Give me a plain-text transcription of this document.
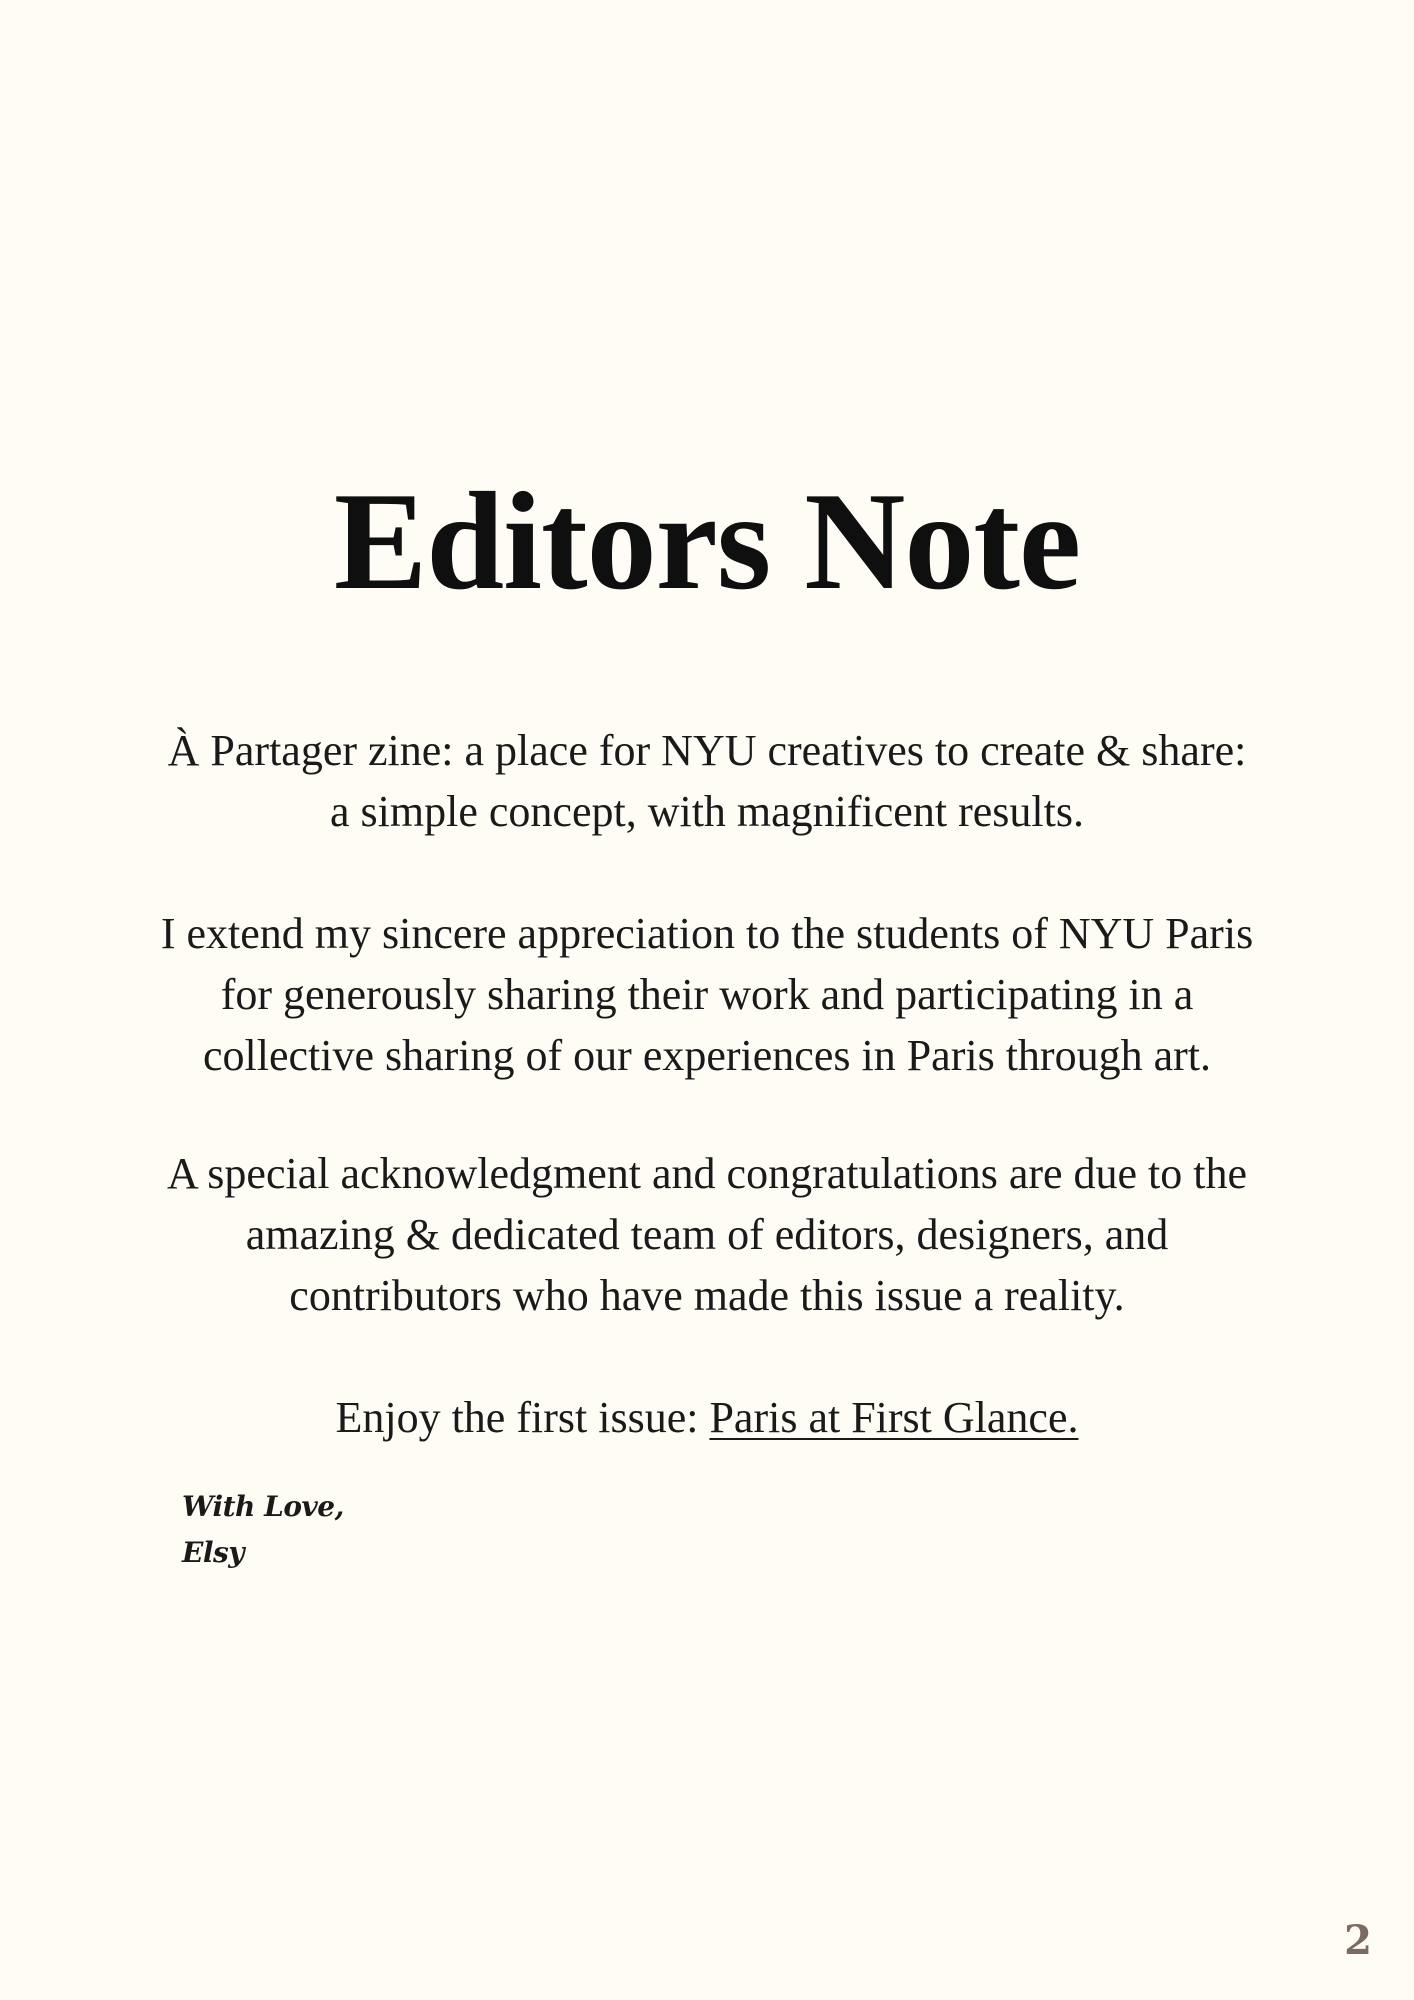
Editors Note

À Partager zine: a place for NYU creatives to create & share:
a simple concept, with magnificent results.

I extend my sincere appreciation to the students of NYU Paris
for generously sharing their work and participating in a
collective sharing of our experiences in Paris through art.

A special acknowledgment and congratulations are due to the
amazing & dedicated team of editors, designers, and
contributors who have made this issue a reality.

Enjoy the first issue: Paris at First Glance.

With Love,
Elsy
2
